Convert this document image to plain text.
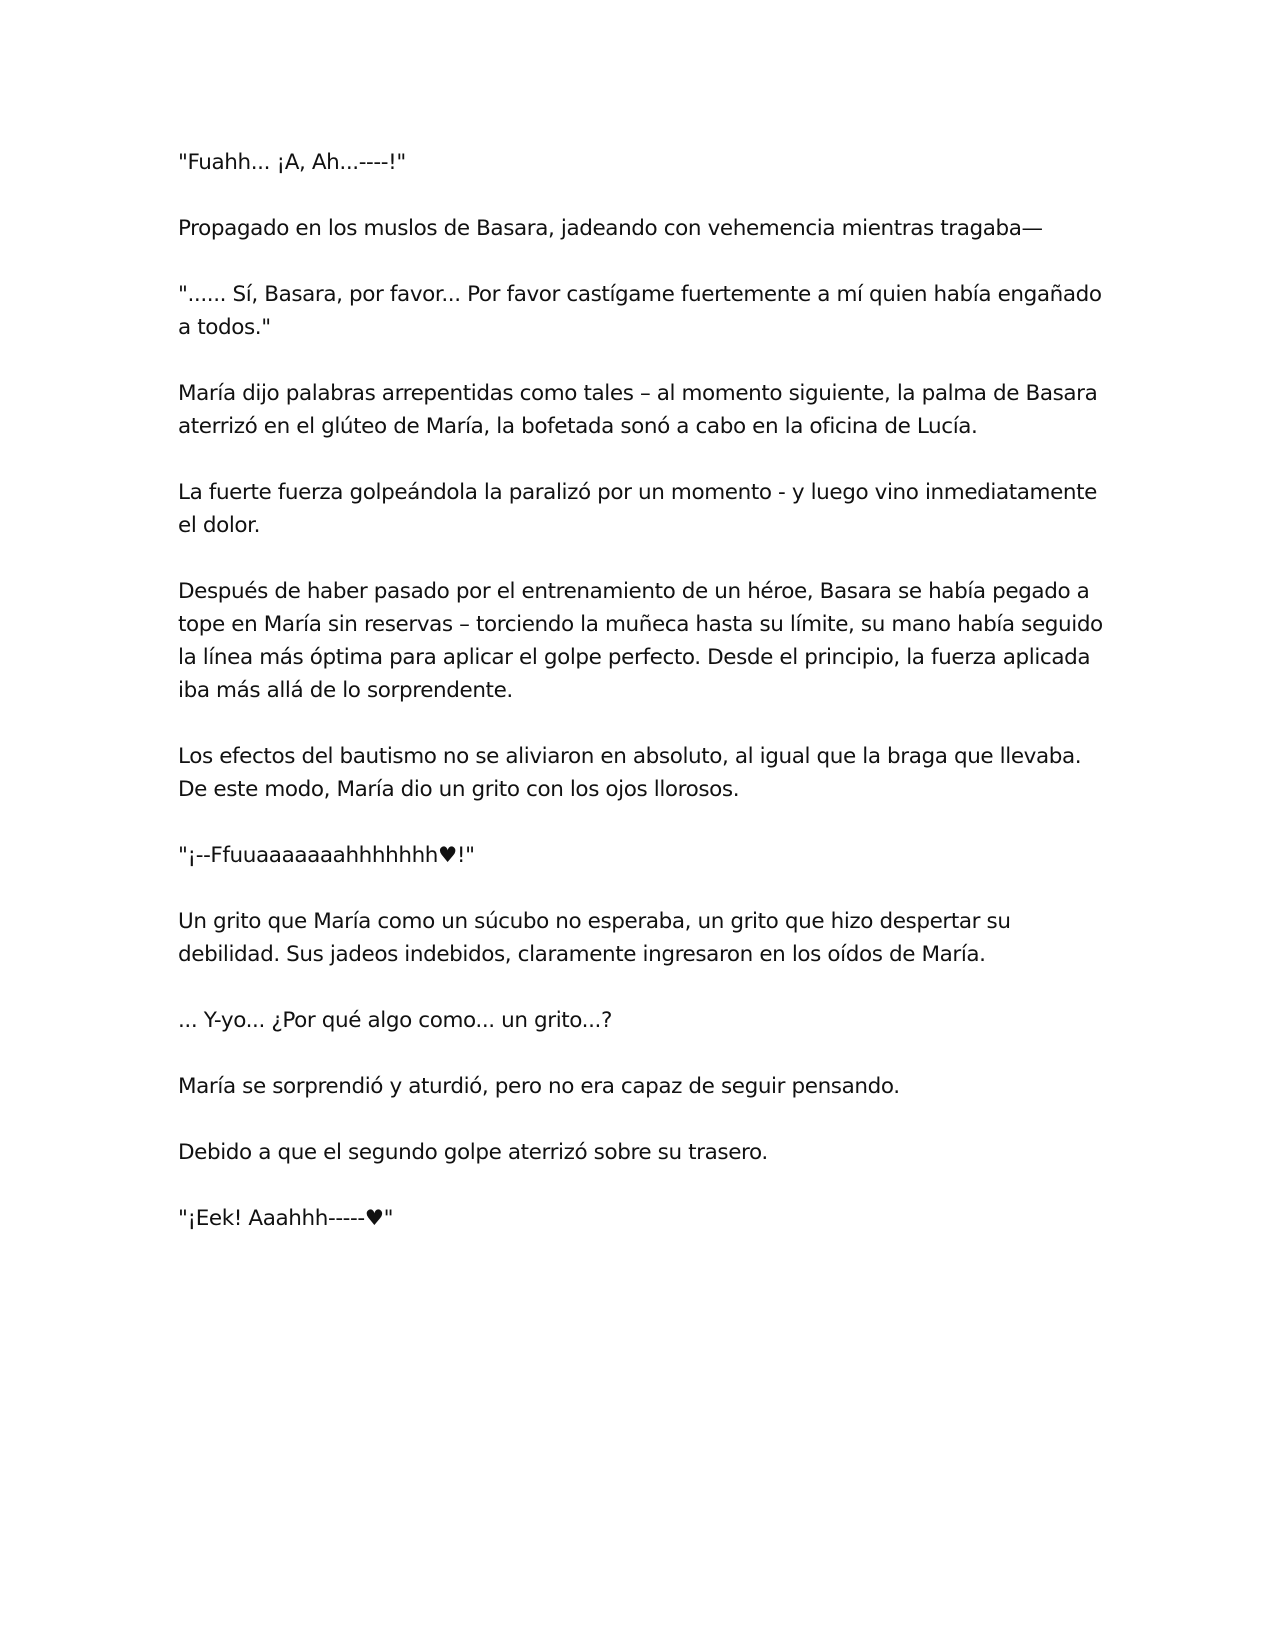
"Fuahh... ¡A, Ah...----!"

Propagado en los muslos de Basara, jadeando con vehemencia mientras tragaba—

"...... Sí, Basara, por favor... Por favor castígame fuertemente a mí quien había engañado a todos."

María dijo palabras arrepentidas como tales – al momento siguiente, la palma de Basara aterrizó en el glúteo de María, la bofetada sonó a cabo en la oficina de Lucía.

La fuerte fuerza golpeándola la paralizó por un momento - y luego vino inmediatamente el dolor.

Después de haber pasado por el entrenamiento de un héroe, Basara se había pegado a tope en María sin reservas – torciendo la muñeca hasta su límite, su mano había seguido la línea más óptima para aplicar el golpe perfecto. Desde el principio, la fuerza aplicada iba más allá de lo sorprendente.

Los efectos del bautismo no se aliviaron en absoluto, al igual que la braga que llevaba. De este modo, María dio un grito con los ojos llorosos.

"¡--Ffuuaaaaaaahhhhhhh♥!"

Un grito que María como un súcubo no esperaba, un grito que hizo despertar su debilidad. Sus jadeos indebidos, claramente ingresaron en los oídos de María.

... Y-yo... ¿Por qué algo como... un grito...?

María se sorprendió y aturdió, pero no era capaz de seguir pensando.

Debido a que el segundo golpe aterrizó sobre su trasero.

"¡Eek! Aaahhh-----♥"
